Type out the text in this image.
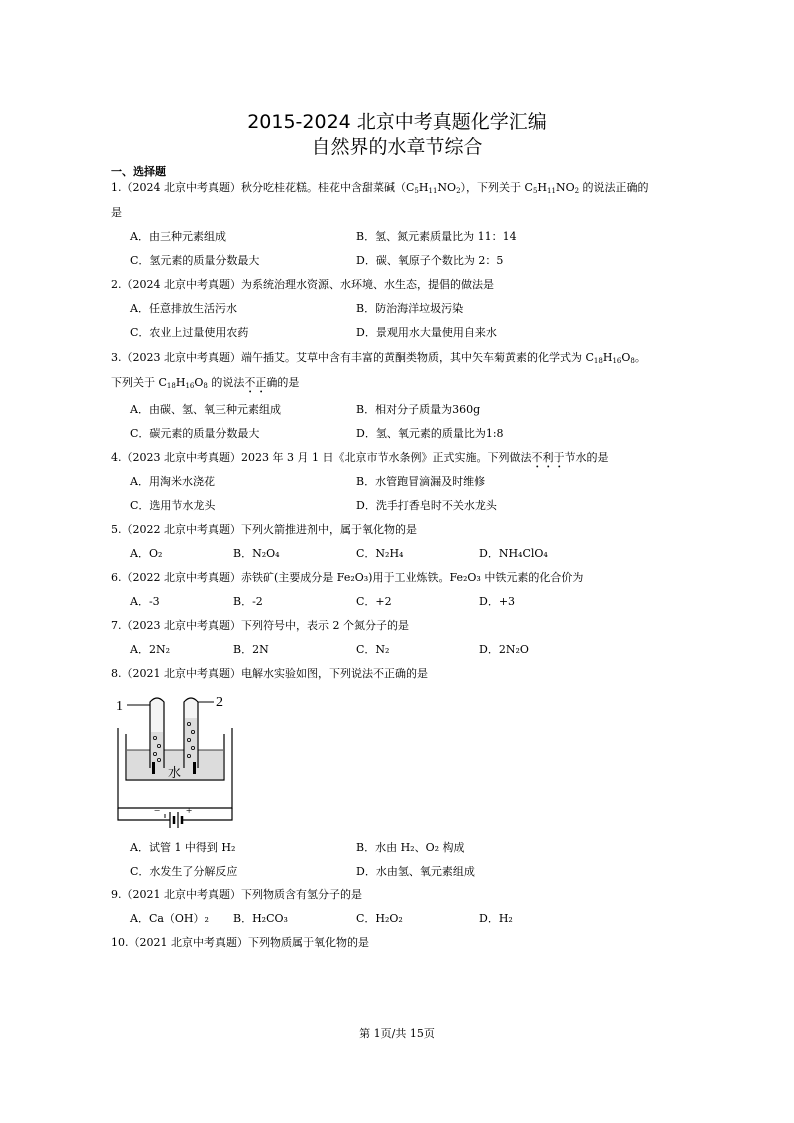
2015-2024 北京中考真题化学汇编
自然界的水章节综合
一、选择题
1.（2024 北京中考真题）秋分吃桂花糕。桂花中含甜菜碱$(C_5H_{11}NO_2)$，下列关于 $C_5H_{11}NO_2$ 的说法正确的
是
A．由三种元素组成	B．氢、氮元素质量比为 11：14
C．氢元素的质量分数最大	D．碳、氧原子个数比为 2：5
2.（2024 北京中考真题）为系统治理水资源、水环境、水生态，提倡的做法是
A．任意排放生活污水	B．防治海洋垃圾污染
C．农业上过量使用农药	D．景观用水大量使用自来水
3.（2023 北京中考真题）端午插艾。艾草中含有丰富的黄酮类物质，其中矢车菊黄素的化学式为 $C_{18}H_{16}O_8$。
下列关于 $C_{18}H_{16}O_8$ 的说法不正确的是
A．由碳、氢、氧三种元素组成	B．相对分子质量为360g
C．碳元素的质量分数最大	D．氢、氧元素的质量比为1:8
4.（2023 北京中考真题）2023 年 3 月 1 日《北京市节水条例》正式实施。下列做法不利于节水的是
A．用淘米水浇花	B．水管跑冒滴漏及时维修
C．选用节水龙头	D．洗手打香皂时不关水龙头
5.（2022 北京中考真题）下列火箭推进剂中，属于氧化物的是
A．O₂	B．N₂O₄	C．N₂H₄	D．NH₄ClO₄
6.（2022 北京中考真题）赤铁矿(主要成分是 Fe₂O₃)用于工业炼铁。Fe₂O₃ 中铁元素的化合价为
A．-3	B．-2	C．+2	D．+3
7.（2023 北京中考真题）下列符号中，表示 2 个氮分子的是
A．2N₂	B．2N	C．N₂	D．2N₂O
8.（2021 北京中考真题）电解水实验如图，下列说法不正确的是
1	2
水
− +
A．试管 1 中得到 H₂	B．水由 H₂、O₂ 构成
C．水发生了分解反应	D．水由氢、氧元素组成
9.（2021 北京中考真题）下列物质含有氢分子的是
A．Ca（OH）₂ B．H₂CO₃	C．H₂O₂	D．H₂
10.（2021 北京中考真题）下列物质属于氧化物的是
第 1页/共 15页
